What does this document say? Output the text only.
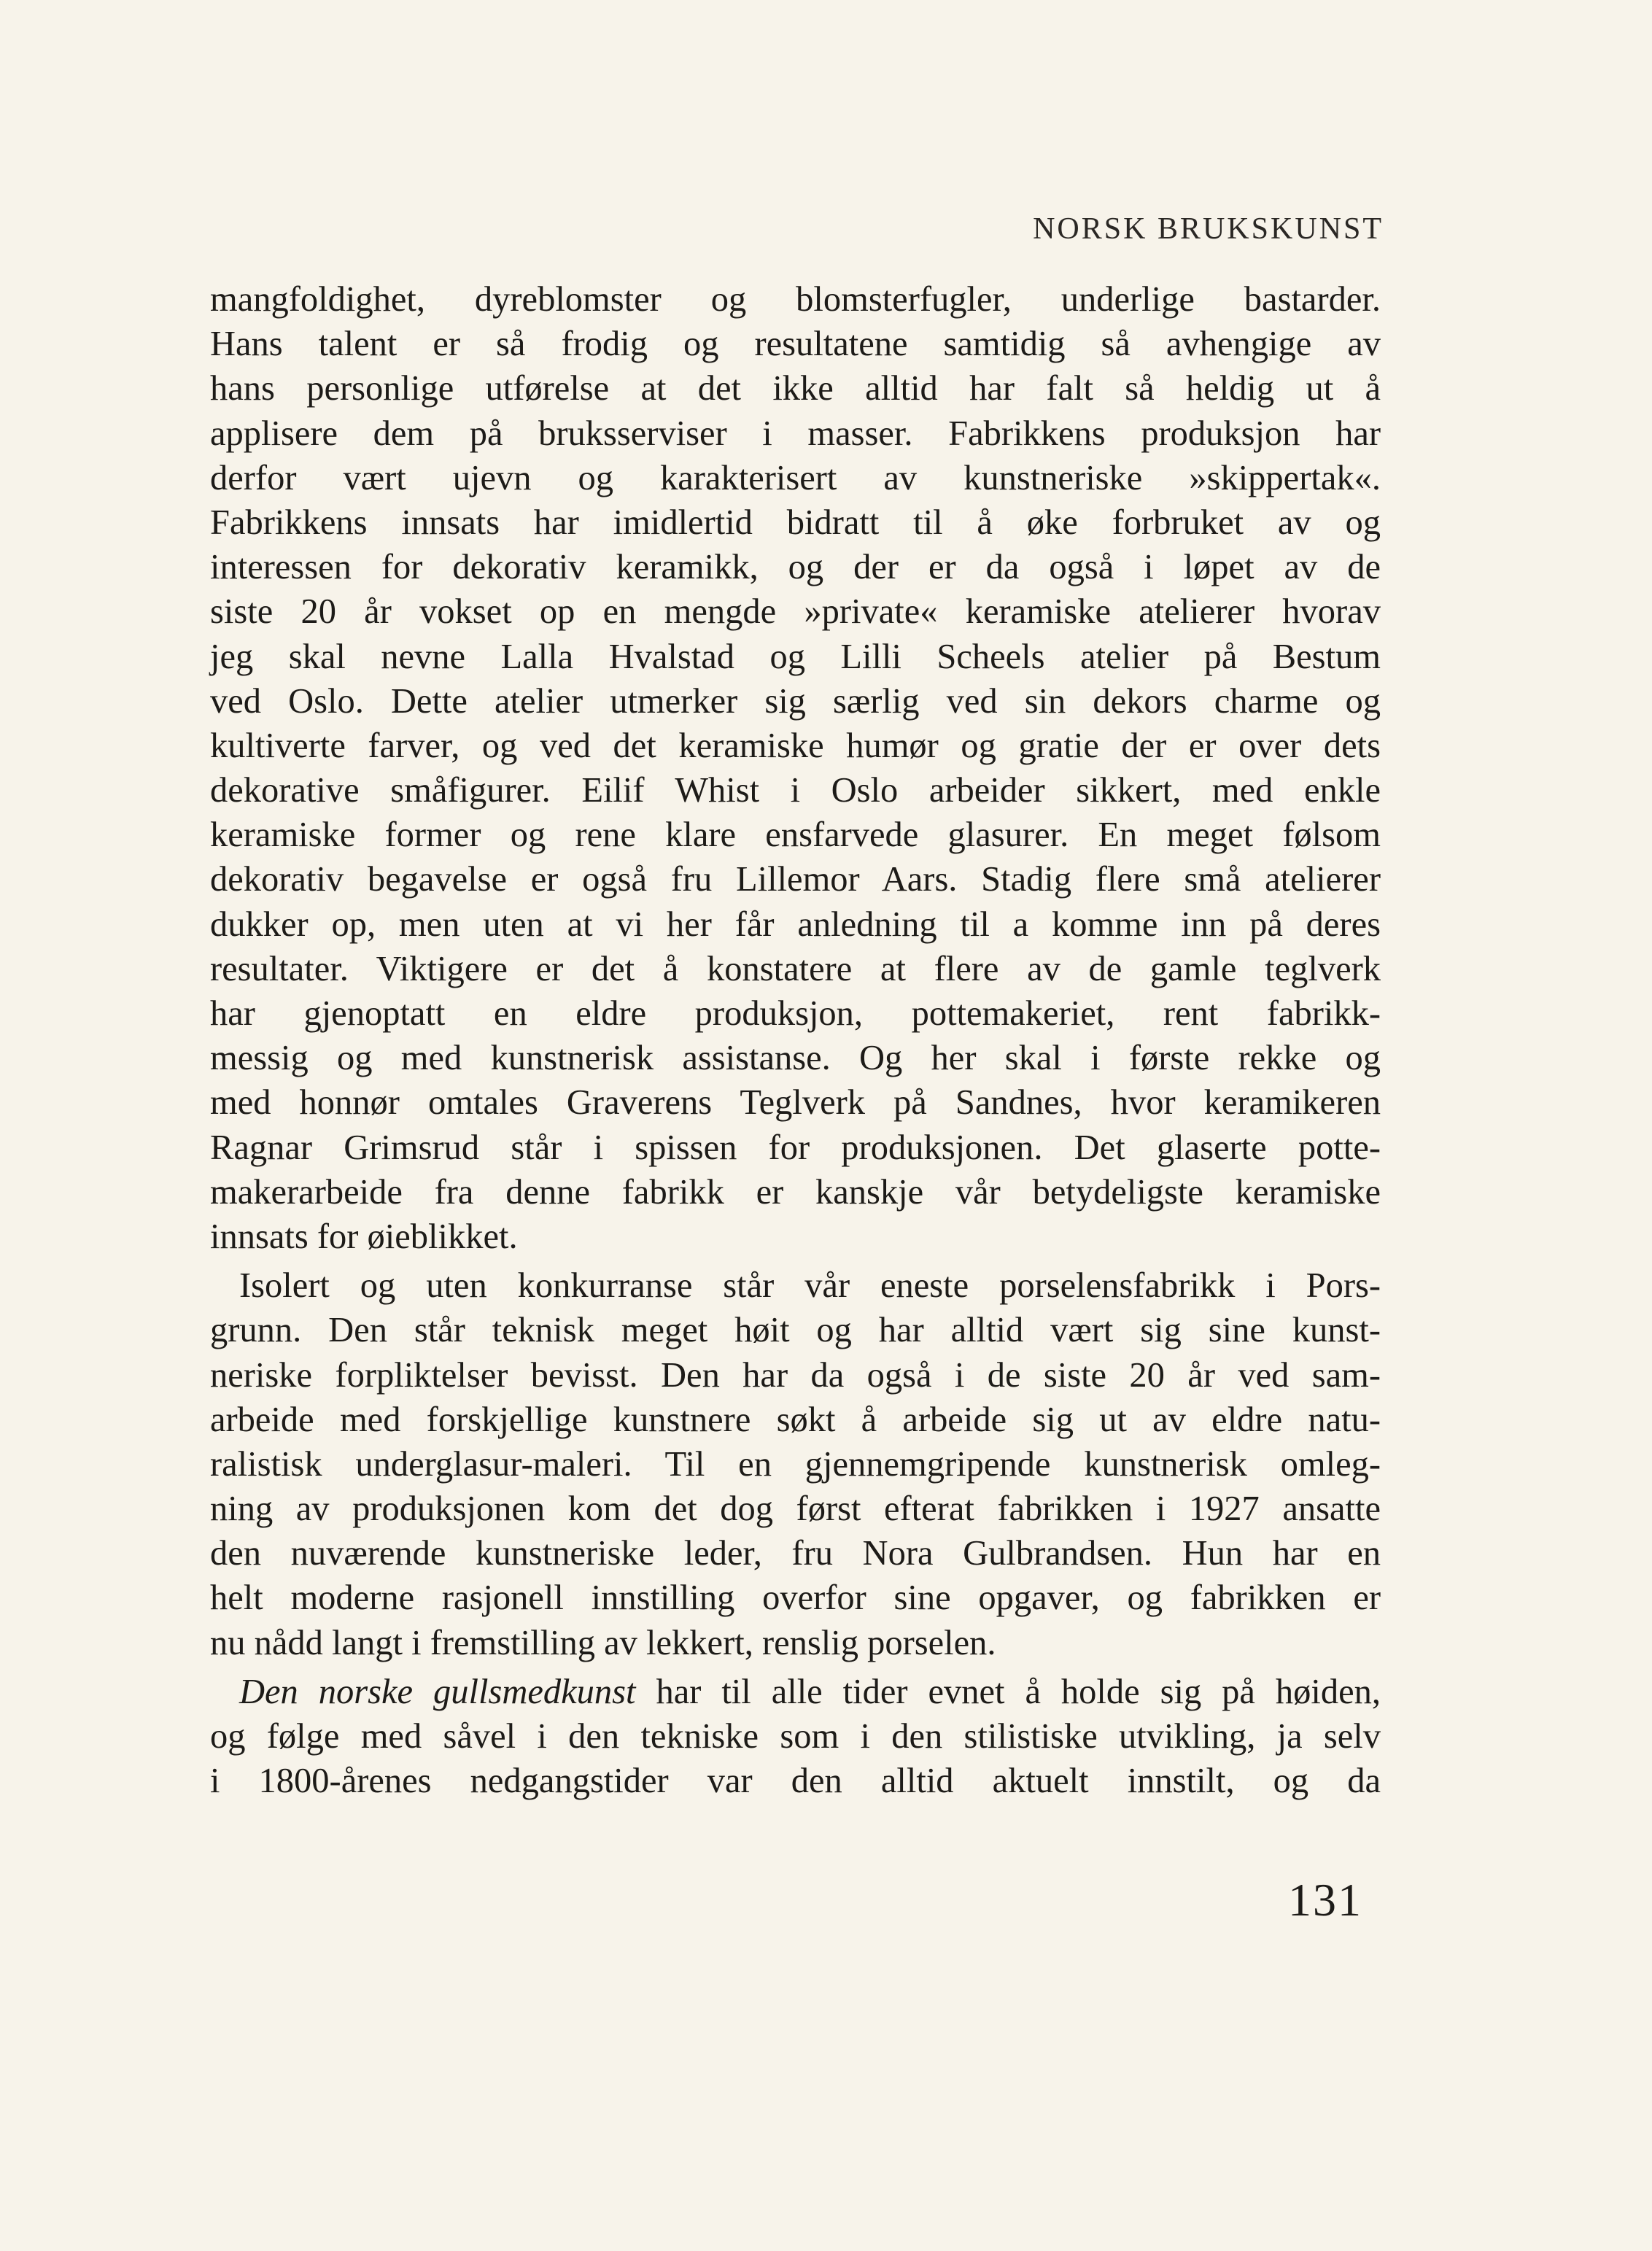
NORSK BRUKSKUNST
mangfoldighet, dyreblomster og blomsterfugler, underlige bastarder.
Hans talent er så frodig og resultatene samtidig så avhengige av
hans personlige utførelse at det ikke alltid har falt så heldig ut å
applisere dem på bruksserviser i masser. Fabrikkens produksjon har
derfor vært ujevn og karakterisert av kunstneriske »skippertak«.
Fabrikkens innsats har imidlertid bidratt til å øke forbruket av og
interessen for dekorativ keramikk, og der er da også i løpet av de
siste 20 år vokset op en mengde »private« keramiske atelierer hvorav
jeg skal nevne Lalla Hvalstad og Lilli Scheels atelier på Bestum
ved Oslo. Dette atelier utmerker sig særlig ved sin dekors charme og
kultiverte farver, og ved det keramiske humør og gratie der er over dets
dekorative småfigurer. Eilif Whist i Oslo arbeider sikkert, med enkle
keramiske former og rene klare ensfarvede glasurer. En meget følsom
dekorativ begavelse er også fru Lillemor Aars. Stadig flere små atelierer
dukker op, men uten at vi her får anledning til a komme inn på deres
resultater. Viktigere er det å konstatere at flere av de gamle teglverk
har gjenoptatt en eldre produksjon, pottemakeriet, rent fabrikk-
messig og med kunstnerisk assistanse. Og her skal i første rekke og
med honnør omtales Graverens Teglverk på Sandnes, hvor keramikeren
Ragnar Grimsrud står i spissen for produksjonen. Det glaserte potte-
makerarbeide fra denne fabrikk er kanskje vår betydeligste keramiske
innsats for øieblikket.
Isolert og uten konkurranse står vår eneste porselensfabrikk i Pors-
grunn. Den står teknisk meget høit og har alltid vært sig sine kunst-
neriske forpliktelser bevisst. Den har da også i de siste 20 år ved sam-
arbeide med forskjellige kunstnere søkt å arbeide sig ut av eldre natu-
ralistisk underglasur-maleri. Til en gjennemgripende kunstnerisk omleg-
ning av produksjonen kom det dog først efterat fabrikken i 1927 ansatte
den nuværende kunstneriske leder, fru Nora Gulbrandsen. Hun har en
helt moderne rasjonell innstilling overfor sine opgaver, og fabrikken er
nu nådd langt i fremstilling av lekkert, renslig porselen.
Den norske gullsmedkunst har til alle tider evnet å holde sig på høiden,
og følge med såvel i den tekniske som i den stilistiske utvikling, ja selv
i 1800-årenes nedgangstider var den alltid aktuelt innstilt, og da
131
